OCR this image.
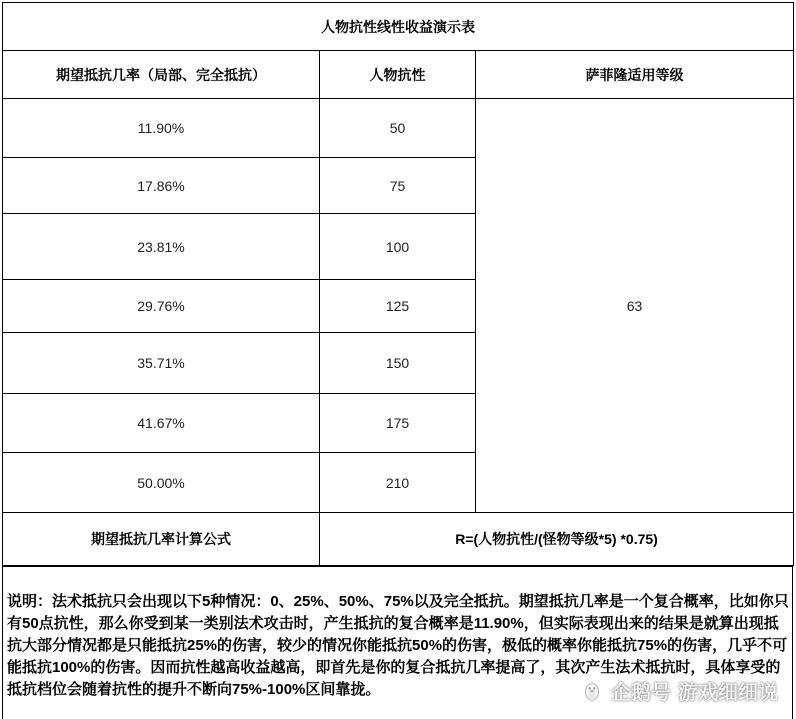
人物抗性线性收益演示表		
期望抵抗几率（局部、完全抵抗）	人物抗性	萨菲隆适用等级
11.90%	50	63
17.86%	75	
23.81%	100	
29.76%	125	
35.71%	150	
41.67%	175	
50.00%	210	
期望抵抗几率计算公式	R=(人物抗性/(怪物等级*5) *0.75)	
说明：法术抵抗只会出现以下5种情况：0、25%、50%、75%以及完全抵抗。期望抵抗几率是一个复合概率，比如你只有50点抗性，那么你受到某一类别法术攻击时，产生抵抗的复合概率是11.90%，但实际表现出来的结果是就算出现抵抗大部分情况都是只能抵抗25%的伤害，较少的情况你能抵抗50%的伤害，极低的概率你能抵抗75%的伤害，几乎不可能抵抗100%的伤害。因而抗性越高收益越高，即首先是你的复合抵抗几率提高了，其次产生法术抵抗时，具体享受的抵抗档位会随着抗性的提升不断向75%-100%区间靠拢。	企鹅号 游戏细细说
